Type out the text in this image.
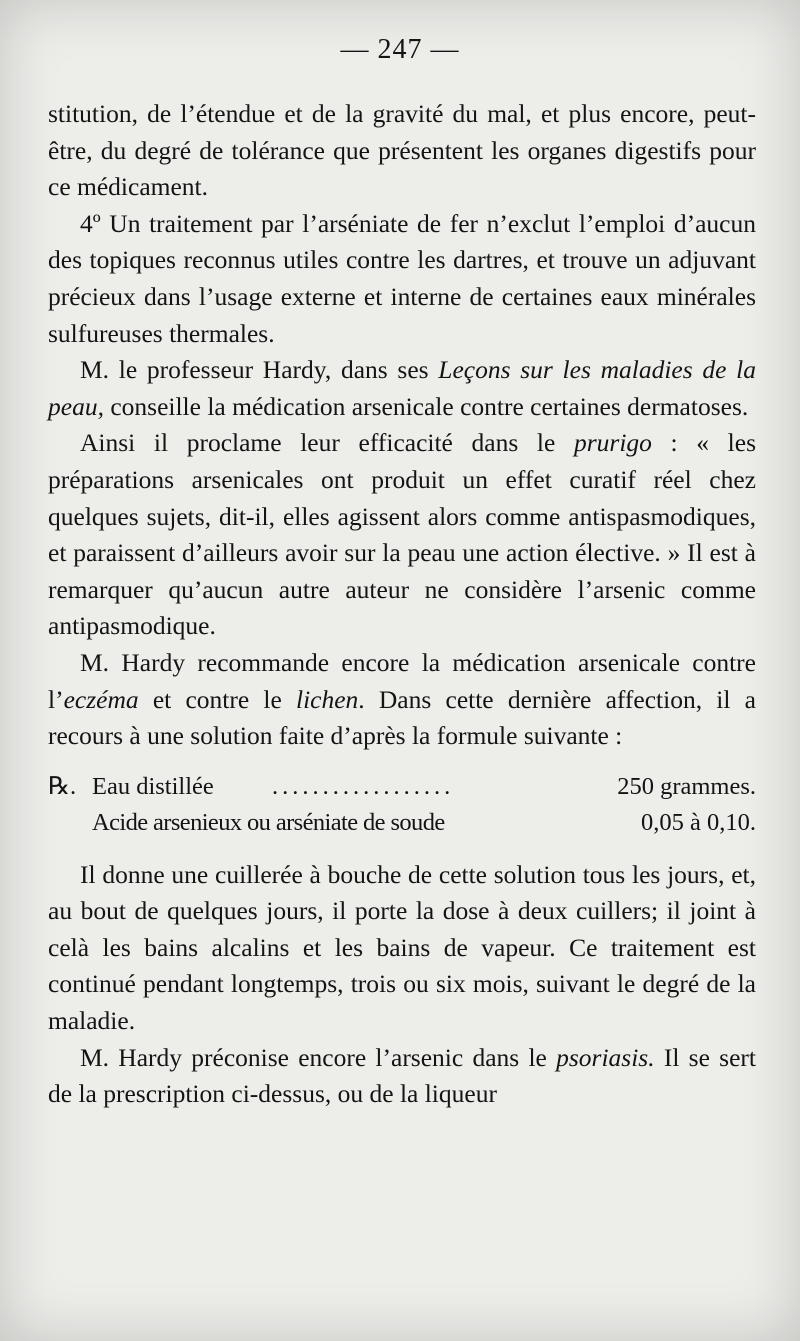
— 247 —

stitution, de l’étendue et de la gravité du mal, et plus encore, peut-être, du degré de tolérance que présentent les organes digestifs pour ce médicament.

4º Un traitement par l’arséniate de fer n’exclut l’emploi d’aucun des topiques reconnus utiles contre les dartres, et trouve un adjuvant précieux dans l’usage externe et interne de certaines eaux minérales sulfureuses thermales.

M. le professeur Hardy, dans ses Leçons sur les maladies de la peau, conseille la médication arsenicale contre certaines dermatoses.

Ainsi il proclame leur efficacité dans le prurigo : « les préparations arsenicales ont produit un effet curatif réel chez quelques sujets, dit-il, elles agissent alors comme antispasmodiques, et paraissent d’ailleurs avoir sur la peau une action élective. » Il est à remarquer qu’aucun autre auteur ne considère l’arsenic comme antipasmodique.

M. Hardy recommande encore la médication arsenicale contre l’eczéma et contre le lichen. Dans cette dernière affection, il a recours à une solution faite d’après la formule suivante :

℞. Eau distillée	..................	250 grammes.
Acide arsenieux ou arséniate de soude	0,05 à 0,10.

Il donne une cuillerée à bouche de cette solution tous les jours, et, au bout de quelques jours, il porte la dose à deux cuillers; il joint à celà les bains alcalins et les bains de vapeur. Ce traitement est continué pendant longtemps, trois ou six mois, suivant le degré de la maladie.

M. Hardy préconise encore l’arsenic dans le psoriasis. Il se sert de la prescription ci-dessus, ou de la liqueur
